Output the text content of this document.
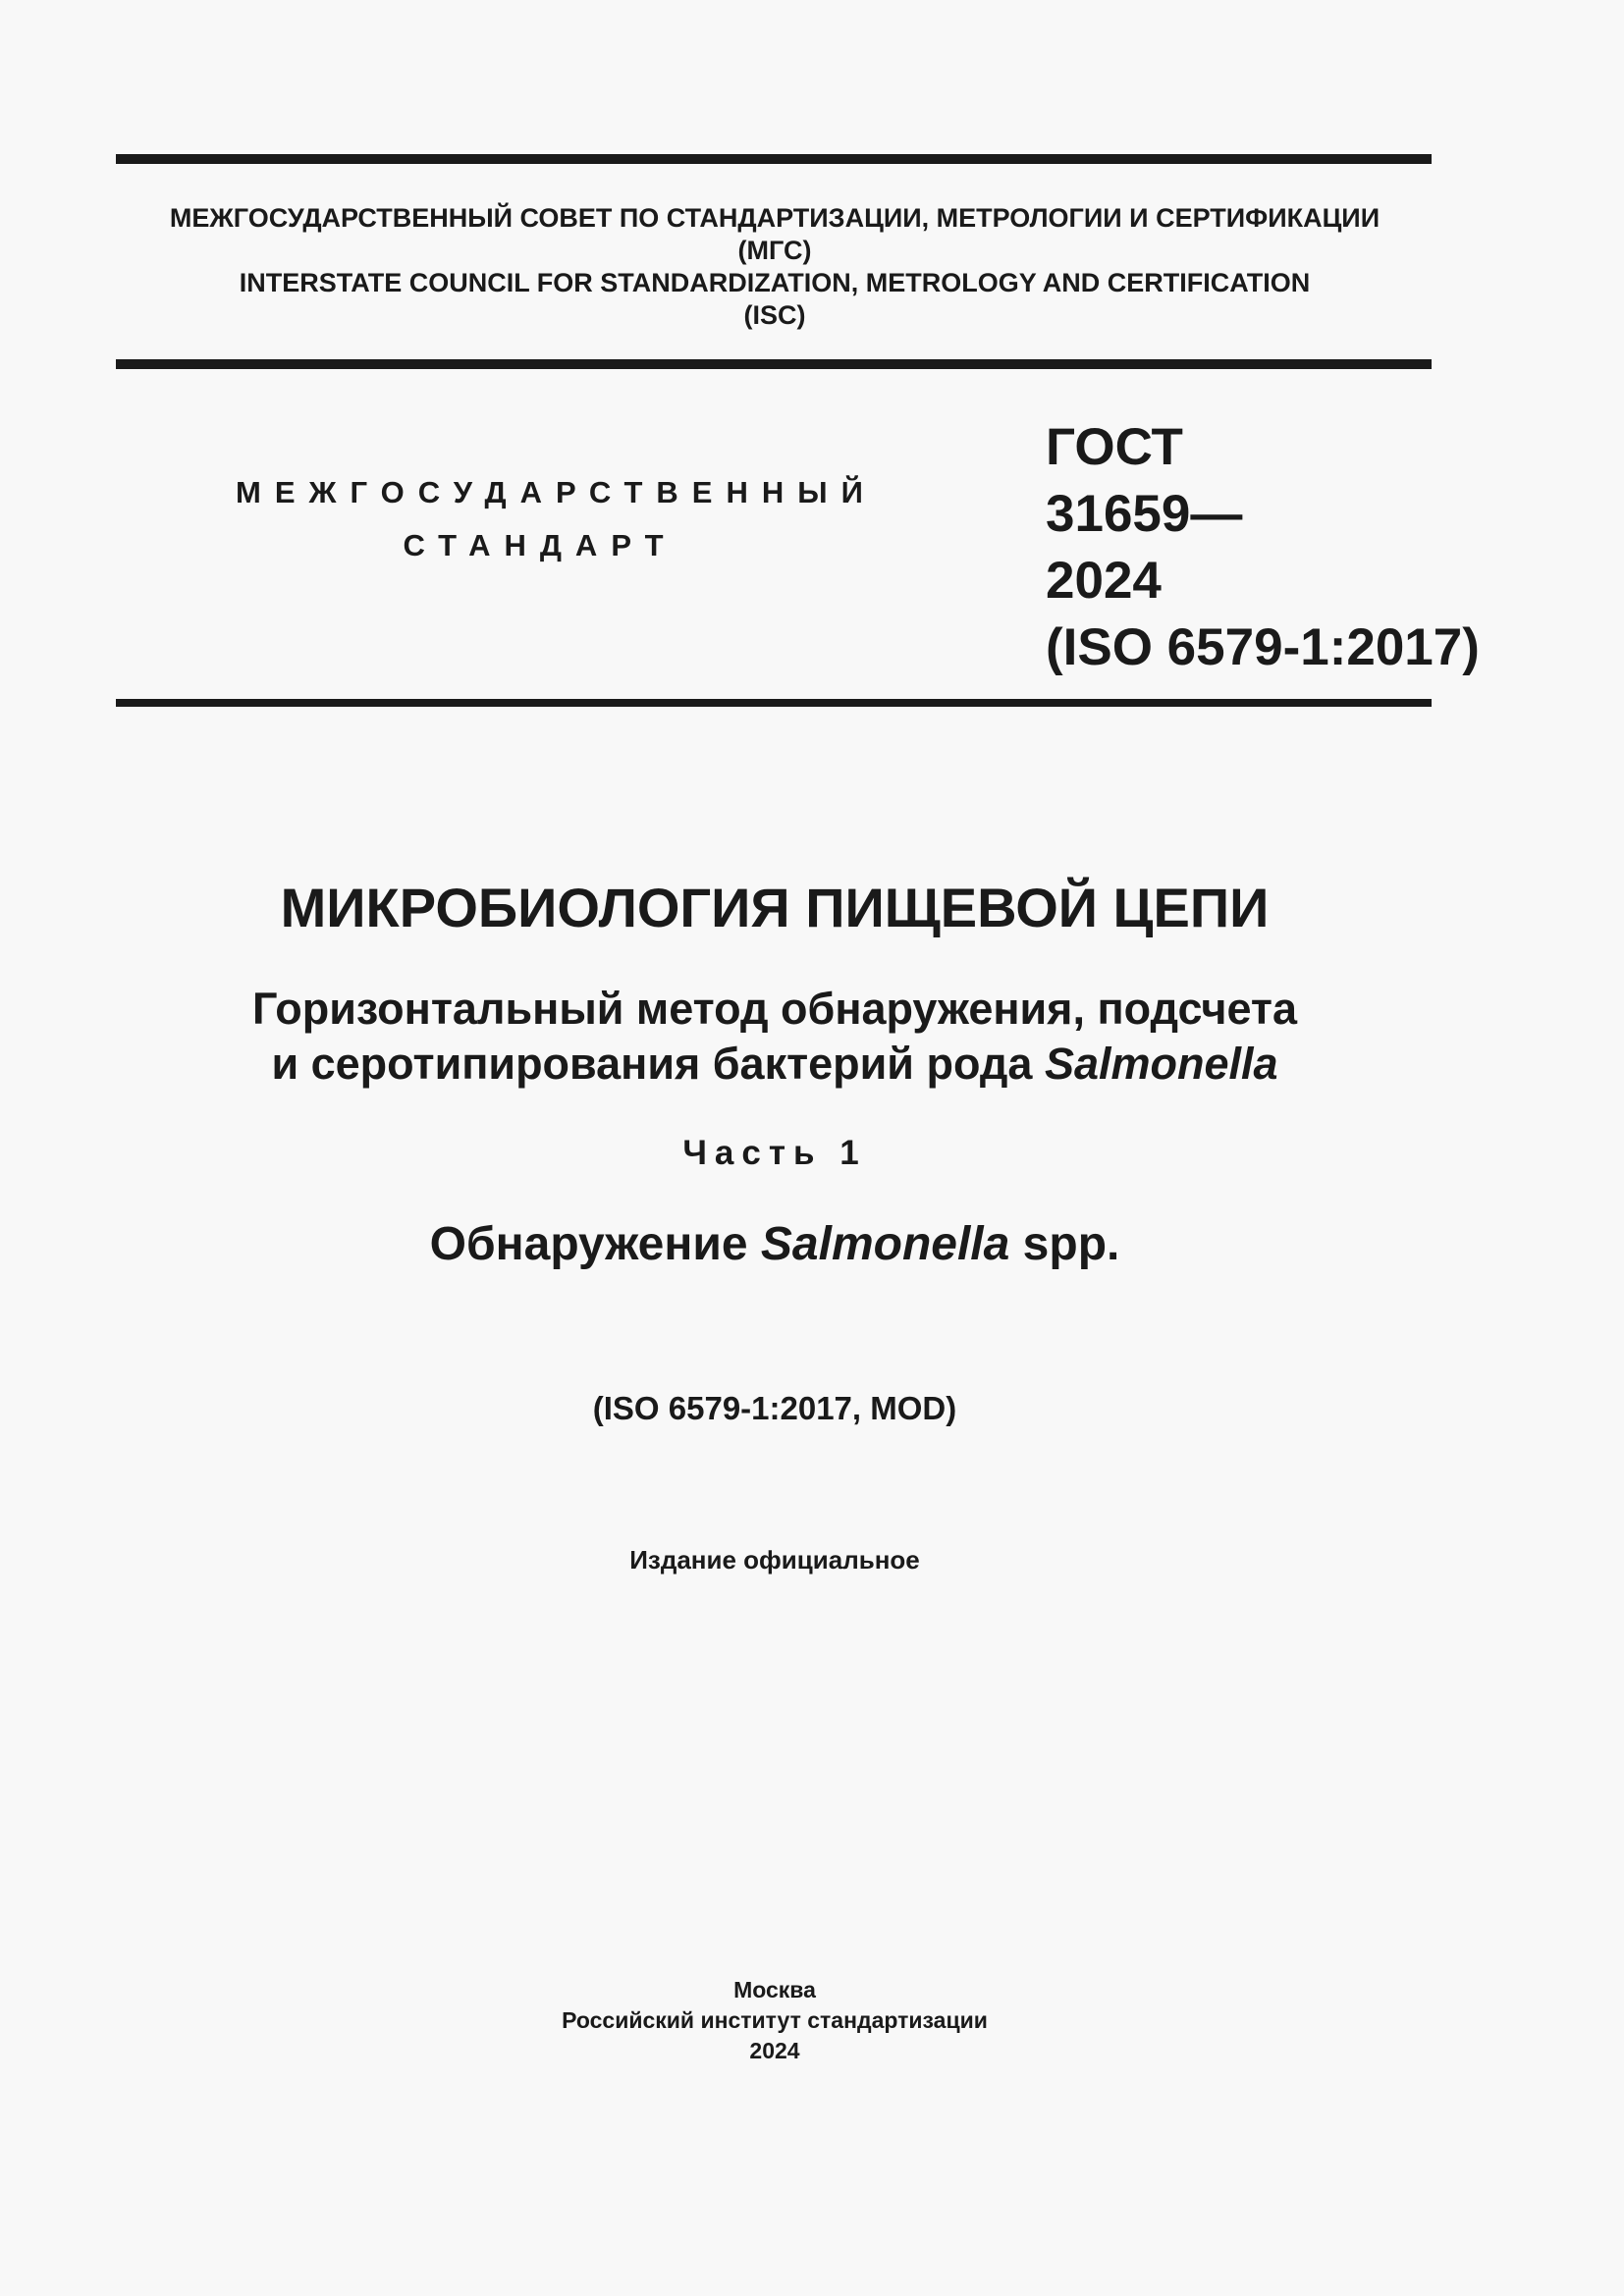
МЕЖГОСУДАРСТВЕННЫЙ СОВЕТ ПО СТАНДАРТИЗАЦИИ, МЕТРОЛОГИИ И СЕРТИФИКАЦИИ
(МГС)
INTERSTATE COUNCIL FOR STANDARDIZATION, METROLOGY AND CERTIFICATION
(ISC)
МЕЖГОСУДАРСТВЕННЫЙ
СТАНДАРТ
ГОСТ
31659—
2024
(ISO 6579-1:2017)
МИКРОБИОЛОГИЯ ПИЩЕВОЙ ЦЕПИ
Горизонтальный метод обнаружения, подсчета
и серотипирования бактерий рода Salmonella
Часть 1
Обнаружение Salmonella spp.
(ISO 6579-1:2017, MOD)
Издание официальное
Москва
Российский институт стандартизации
2024
